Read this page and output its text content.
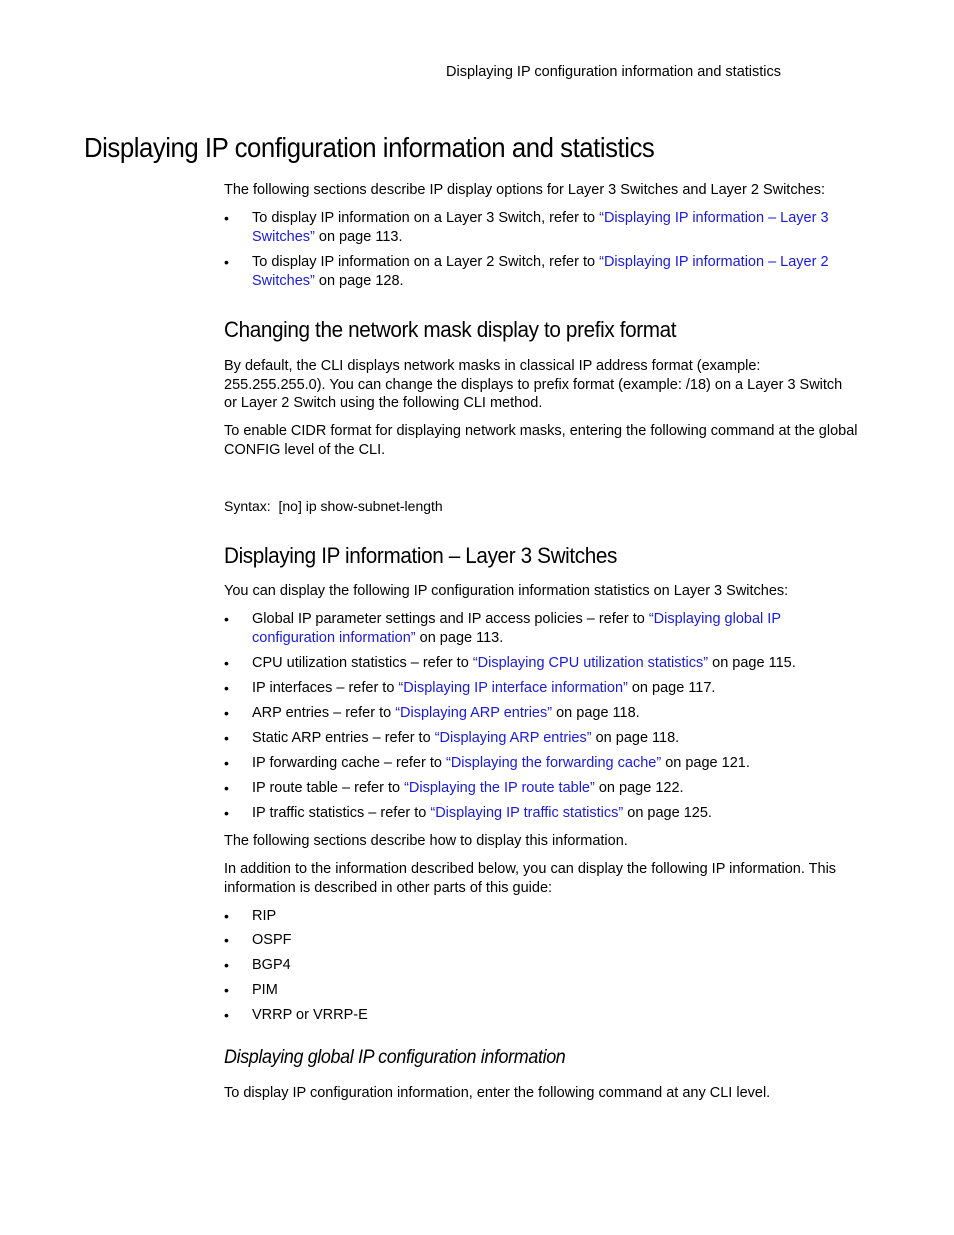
Displaying IP configuration information and statistics
Displaying IP configuration information and statistics

The following sections describe IP display options for Layer 3 Switches and Layer 2 Switches:

• To display IP information on a Layer 3 Switch, refer to “Displaying IP information – Layer 3
Switches” on page 113.
• To display IP information on a Layer 2 Switch, refer to “Displaying IP information – Layer 2
Switches” on page 128.
Changing the network mask display to prefix format

By default, the CLI displays network masks in classical IP address format (example:
255.255.255.0). You can change the displays to prefix format (example: /18) on a Layer 3 Switch
or Layer 2 Switch using the following CLI method.

To enable CIDR format for displaying network masks, entering the following command at the global
CONFIG level of the CLI.

Syntax:  [no] ip show-subnet-length
Displaying IP information – Layer 3 Switches

You can display the following IP configuration information statistics on Layer 3 Switches:

• Global IP parameter settings and IP access policies – refer to “Displaying global IP
configuration information” on page 113.
• CPU utilization statistics – refer to “Displaying CPU utilization statistics” on page 115.
• IP interfaces – refer to “Displaying IP interface information” on page 117.
• ARP entries – refer to “Displaying ARP entries” on page 118.
• Static ARP entries – refer to “Displaying ARP entries” on page 118.
• IP forwarding cache – refer to “Displaying the forwarding cache” on page 121.
• IP route table – refer to “Displaying the IP route table” on page 122.
• IP traffic statistics – refer to “Displaying IP traffic statistics” on page 125.

The following sections describe how to display this information.

In addition to the information described below, you can display the following IP information. This
information is described in other parts of this guide:

• RIP
• OSPF
• BGP4
• PIM
• VRRP or VRRP-E
Displaying global IP configuration information

To display IP configuration information, enter the following command at any CLI level.
